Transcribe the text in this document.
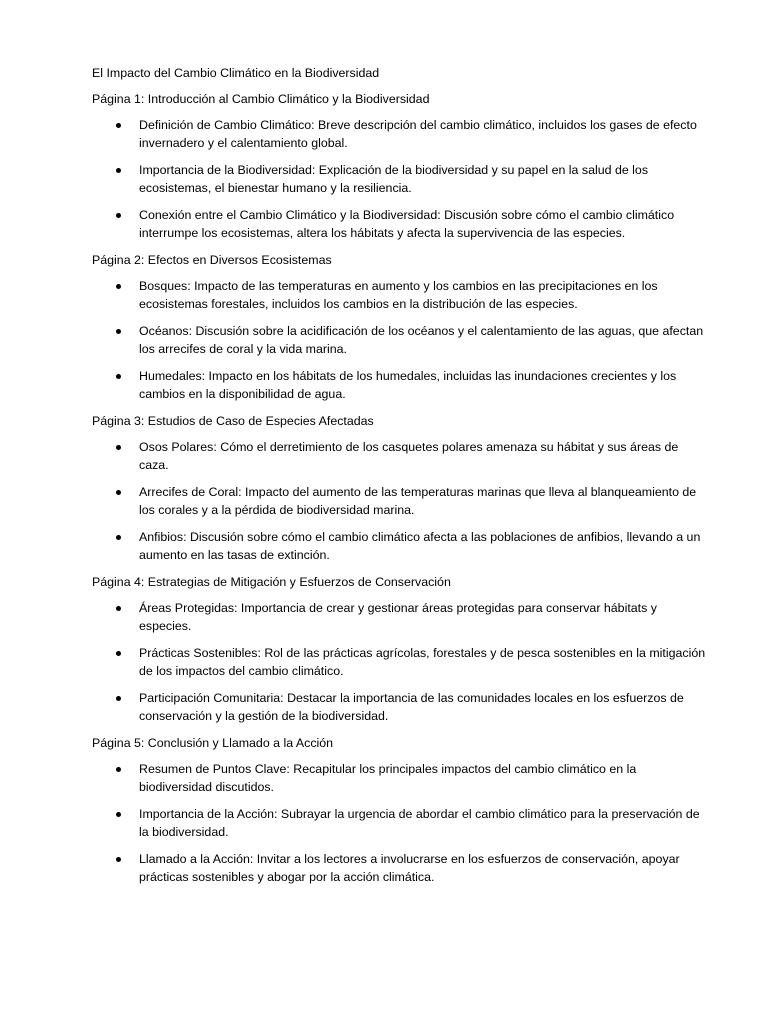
El Impacto del Cambio Climático en la Biodiversidad
Página 1: Introducción al Cambio Climático y la Biodiversidad
Definición de Cambio Climático: Breve descripción del cambio climático, incluidos los gases de efecto invernadero y el calentamiento global.
Importancia de la Biodiversidad: Explicación de la biodiversidad y su papel en la salud de los ecosistemas, el bienestar humano y la resiliencia.
Conexión entre el Cambio Climático y la Biodiversidad: Discusión sobre cómo el cambio climático interrumpe los ecosistemas, altera los hábitats y afecta la supervivencia de las especies.
Página 2: Efectos en Diversos Ecosistemas
Bosques: Impacto de las temperaturas en aumento y los cambios en las precipitaciones en los ecosistemas forestales, incluidos los cambios en la distribución de las especies.
Océanos: Discusión sobre la acidificación de los océanos y el calentamiento de las aguas, que afectan los arrecifes de coral y la vida marina.
Humedales: Impacto en los hábitats de los humedales, incluidas las inundaciones crecientes y los cambios en la disponibilidad de agua.
Página 3: Estudios de Caso de Especies Afectadas
Osos Polares: Cómo el derretimiento de los casquetes polares amenaza su hábitat y sus áreas de caza.
Arrecifes de Coral: Impacto del aumento de las temperaturas marinas que lleva al blanqueamiento de los corales y a la pérdida de biodiversidad marina.
Anfibios: Discusión sobre cómo el cambio climático afecta a las poblaciones de anfibios, llevando a un aumento en las tasas de extinción.
Página 4: Estrategias de Mitigación y Esfuerzos de Conservación
Áreas Protegidas: Importancia de crear y gestionar áreas protegidas para conservar hábitats y especies.
Prácticas Sostenibles: Rol de las prácticas agrícolas, forestales y de pesca sostenibles en la mitigación de los impactos del cambio climático.
Participación Comunitaria: Destacar la importancia de las comunidades locales en los esfuerzos de conservación y la gestión de la biodiversidad.
Página 5: Conclusión y Llamado a la Acción
Resumen de Puntos Clave: Recapitular los principales impactos del cambio climático en la biodiversidad discutidos.
Importancia de la Acción: Subrayar la urgencia de abordar el cambio climático para la preservación de la biodiversidad.
Llamado a la Acción: Invitar a los lectores a involucrarse en los esfuerzos de conservación, apoyar prácticas sostenibles y abogar por la acción climática.
